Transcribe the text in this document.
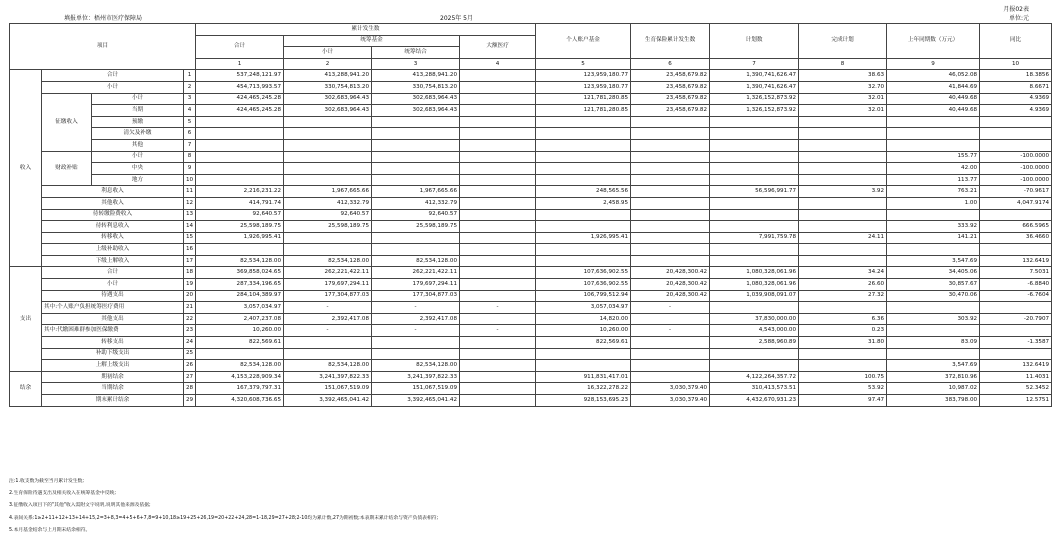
填报单位：梧州市医疗保障局	2025年 5月
月报02表
单位:元
项目				累计发生数				个人账户基金	生育保险累计发生数	计划数	完成计划	上年同期数（万元）	同比
				合计	统筹基金		大额医疗						
					小计	统筹结合							
				1	2	3	4	5	6	7	8	9	10
收入	合计		1	537,248,121.97	413,288,941.20	413,288,941.20		123,959,180.77	23,458,679.82	1,390,741,626.47	38.63	46,052.08	18.3856
	小计		2	454,713,993.57	330,754,813.20	330,754,813.20		123,959,180.77	23,458,679.82	1,390,741,626.47	32.70	41,844.69	8.6671
	征缴收入	小计	3	424,465,245.28	302,683,964.43	302,683,964.43		121,781,280.85	23,458,679.82	1,326,152,873.92	32.01	40,449.68	4.9369
		当期	4	424,465,245.28	302,683,964.43	302,683,964.43		121,781,280.85	23,458,679.82	1,326,152,873.92	32.01	40,449.68	4.9369
		预缴	5										
		清欠及补缴	6										
		其他	7										
	财政补贴	小计	8									155.77	-100.0000
		中央	9									42.00	-100.0000
		地方	10									113.77	-100.0000
	利息收入		11	2,216,231.22	1,967,665.66	1,967,665.66		248,565.56		56,596,991.77	3.92	763.21	-70.9617
	其他收入		12	414,791.74	412,332.79	412,332.79		2,458.95				1.00	4,047.9174
	待转缴险费收入		13	92,640.57	92,640.57	92,640.57							
	待转利息收入		14	25,598,189.75	25,598,189.75	25,598,189.75						333.92	666.5965
	转移收入		15	1,926,995.41				1,926,995.41		7,991,759.78	24.11	141.21	36.4660
	上级补助收入		16										
	下级上解收入		17	82,534,128.00	82,534,128.00	82,534,128.00						3,547.69	132.6419
支出	合计		18	369,858,024.65	262,221,422.11	262,221,422.11		107,636,902.55	20,428,300.42	1,080,328,061.96	34.24	34,405.06	7.5031
	小计		19	287,334,196.65	179,697,294.11	179,697,294.11		107,636,902.55	20,428,300.42	1,080,328,061.96	26.60	30,857.67	-6.8840
	待遇支出		20	284,104,389.97	177,304,877.03	177,304,877.03		106,799,512.94	20,428,300.42	1,039,908,091.07	27.32	30,470.06	-6.7604
	其中:个人账户负担统筹医疗费用		21	3,057,034.97	-	-	-	3,057,034.97	-				
	其他支出		22	2,407,237.08	2,392,417.08	2,392,417.08		14,820.00		37,830,000.00	6.36	303.92	-20.7907
	其中:代缴困难群参加医保缴费		23	10,260.00	-	-	-	10,260.00	-	4,543,000.00	0.23		
	转移支出		24	822,569.61				822,569.61		2,588,960.89	31.80	83.09	-1.3587
	补助下级支出		25										
	上解上级支出		26	82,534,128.00	82,534,128.00	82,534,128.00						3,547.69	132.6419
结余	期初结余		27	4,153,228,909.34	3,241,397,822.33	3,241,397,822.33		911,831,417.01		4,122,264,357.72	100.75	372,810.96	11.4031
	当期结余		28	167,379,797.31	151,067,519.09	151,067,519.09		16,322,278.22	3,030,379.40	310,413,573.51	53.92	10,987.02	52.3452
	期末累计结余		29	4,320,608,736.65	3,392,465,041.42	3,392,465,041.42		928,153,695.23	3,030,379.40	4,432,670,931.23	97.47	383,798.00	12.5751
注:1.收支数为截至当月累计发生数;
2.生育保险待遇支出及相关收入在统筹基金中反映;
3.征缴收入项目下的"其他"收入需附文字说明,说明其他来源及依据;
4.表间关系:1≥2+11+12+13+14+15,2=3+8,3=4+5+6+7,8=9+10,18≥19+25+26,19=20+22+24,28=1-18,29=27+28;2-10均为累计数,27为期初数;本表期末累计结余与资产负债表相符;
5.本月基金结余与上月期末结余相符。
